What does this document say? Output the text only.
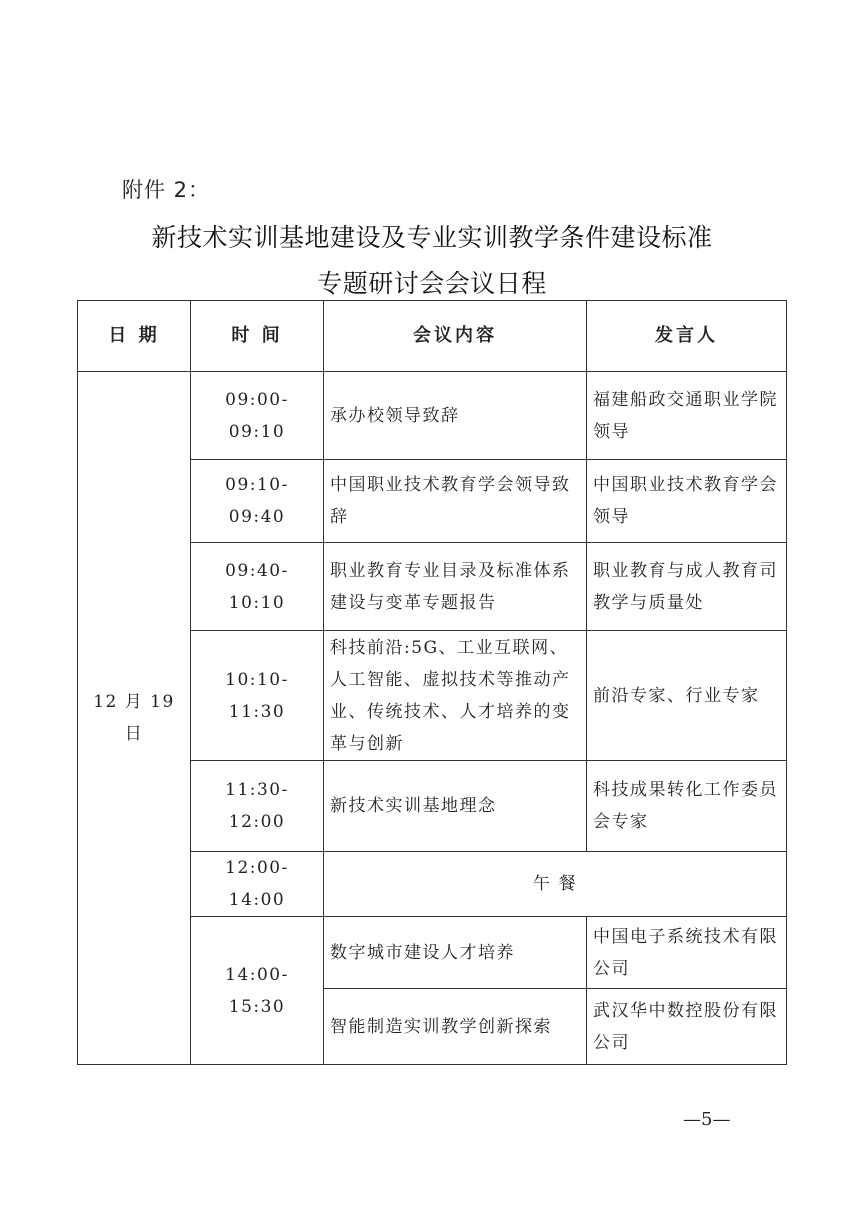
附件 2：
新技术实训基地建设及专业实训教学条件建设标准
专题研讨会会议日程
日 期	时 间	会议内容	发言人
12 月 19 日	09:00-09:10	承办校领导致辞	福建船政交通职业学院领导
	09:10-09:40	中国职业技术教育学会领导致辞	中国职业技术教育学会领导
	09:40-10:10	职业教育专业目录及标准体系建设与变革专题报告	职业教育与成人教育司教学与质量处
	10:10-11:30	科技前沿:5G、工业互联网、人工智能、虚拟技术等推动产业、传统技术、人才培养的变革与创新	前沿专家、行业专家
	11:30-12:00	新技术实训基地理念	科技成果转化工作委员会专家
	12:00-14:00	午 餐	
	14:00-15:30	数字城市建设人才培养	中国电子系统技术有限公司
		智能制造实训教学创新探索	武汉华中数控股份有限公司
—5—
